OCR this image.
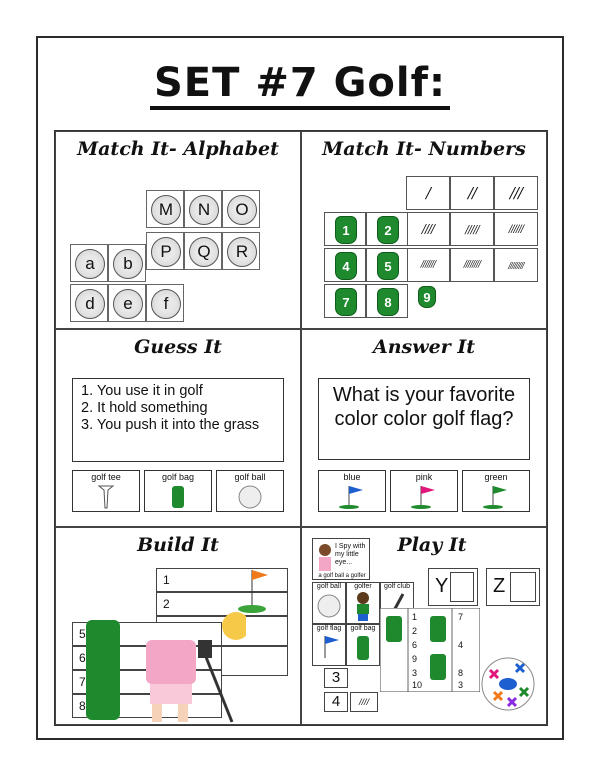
SET #7 Golf:
Match It- Alphabet
M	N	O
P	Q	R
a	b
d	e	f
Match It- Numbers
/	//	///
////	/////	//////
///////	////////	/////////
1	2
4	5
7	8	9
Guess It
1. You use it in golf
2. It hold something
3. You push it into the grass
golf tee	golf bag	golf ball
Answer It
What is your favorite color color golf flag?
blue	pink	green
Build It
1
2
5
6
7
8
Play It
I Spy with my little eye...
a golf ball a golfer
golf ball	golfer	golf club
golf flag	golf bag
Y	Z
1	7
2
6	4
9
3	8
10	3
3
4	////
